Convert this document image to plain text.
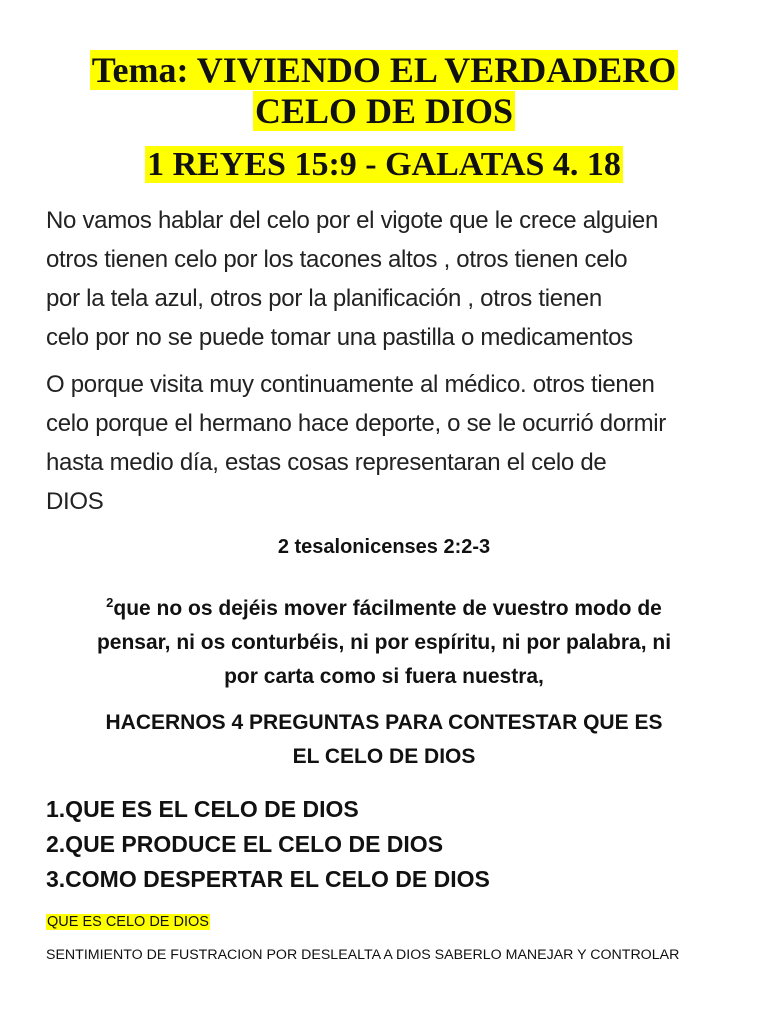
Tema: VIVIENDO EL VERDADERO
CELO DE DIOS
1 REYES 15:9 - GALATAS 4. 18
No vamos hablar del celo por el vigote que le crece alguien
otros tienen celo por los tacones altos , otros tienen celo
por la tela azul, otros por la planificación , otros tienen
celo por no se puede tomar una pastilla o medicamentos
O porque visita muy continuamente al médico. otros tienen
celo porque el hermano hace deporte, o se le ocurrió dormir
hasta medio día, estas cosas representaran el celo de
DIOS
2 tesalonicenses 2:2-3
$^2$que no os dejéis mover fácilmente de vuestro modo de
pensar, ni os conturbéis, ni por espíritu, ni por palabra, ni
por carta como si fuera nuestra,
HACERNOS 4 PREGUNTAS PARA CONTESTAR QUE ES
EL CELO DE DIOS
1.QUE ES EL CELO DE DIOS
2.QUE PRODUCE EL CELO DE DIOS
3.COMO DESPERTAR EL CELO DE DIOS
QUE ES CELO DE DIOS
SENTIMIENTO DE FUSTRACION POR DESLEALTA A DIOS SABERLO MANEJAR Y CONTROLAR
